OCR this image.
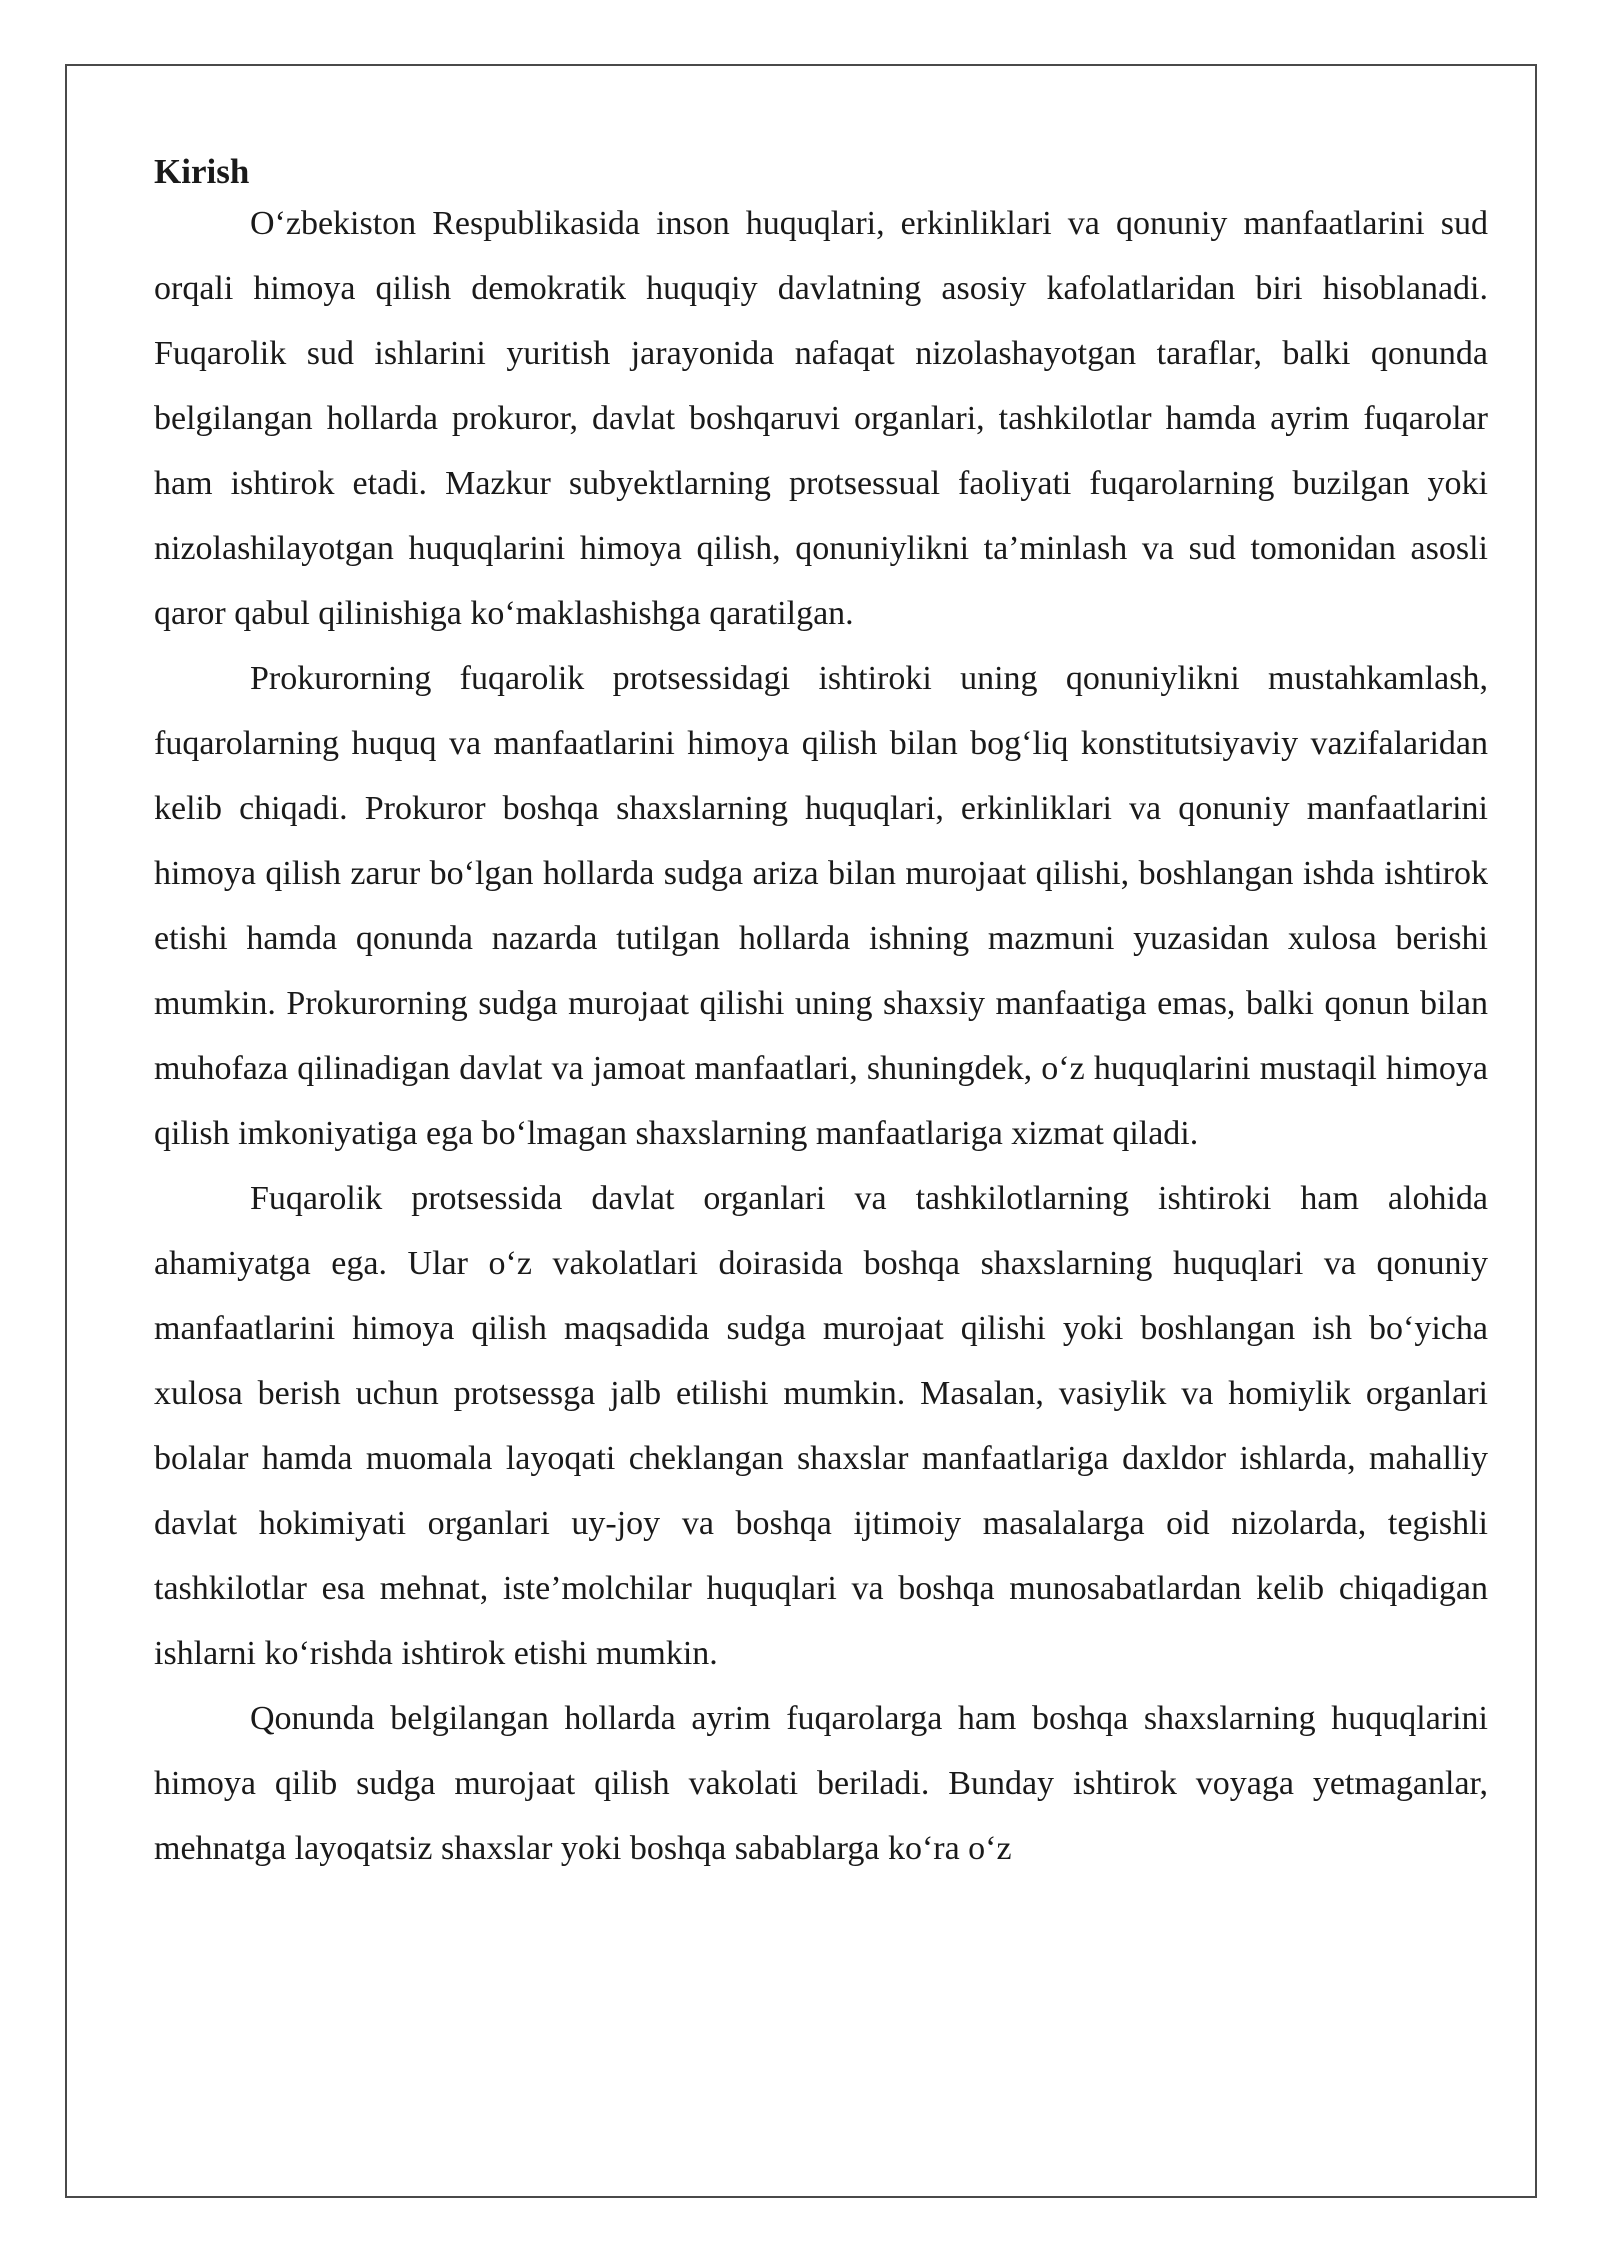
Kirish

O‘zbekiston Respublikasida inson huquqlari, erkinliklari va qonuniy manfaatlarini sud orqali himoya qilish demokratik huquqiy davlatning asosiy kafolatlaridan biri hisoblanadi. Fuqarolik sud ishlarini yuritish jarayonida nafaqat nizolashayotgan taraflar, balki qonunda belgilangan hollarda prokuror, davlat boshqaruvi organlari, tashkilotlar hamda ayrim fuqarolar ham ishtirok etadi. Mazkur subyektlarning protsessual faoliyati fuqarolarning buzilgan yoki nizolashilayotgan huquqlarini himoya qilish, qonuniylikni ta’minlash va sud tomonidan asosli qaror qabul qilinishiga ko‘maklashishga qaratilgan.

Prokurorning fuqarolik protsessidagi ishtiroki uning qonuniylikni mustahkamlash, fuqarolarning huquq va manfaatlarini himoya qilish bilan bog‘liq konstitutsiyaviy vazifalaridan kelib chiqadi. Prokuror boshqa shaxslarning huquqlari, erkinliklari va qonuniy manfaatlarini himoya qilish zarur bo‘lgan hollarda sudga ariza bilan murojaat qilishi, boshlangan ishda ishtirok etishi hamda qonunda nazarda tutilgan hollarda ishning mazmuni yuzasidan xulosa berishi mumkin. Prokurorning sudga murojaat qilishi uning shaxsiy manfaatiga emas, balki qonun bilan muhofaza qilinadigan davlat va jamoat manfaatlari, shuningdek, o‘z huquqlarini mustaqil himoya qilish imkoniyatiga ega bo‘lmagan shaxslarning manfaatlariga xizmat qiladi.

Fuqarolik protsessida davlat organlari va tashkilotlarning ishtiroki ham alohida ahamiyatga ega. Ular o‘z vakolatlari doirasida boshqa shaxslarning huquqlari va qonuniy manfaatlarini himoya qilish maqsadida sudga murojaat qilishi yoki boshlangan ish bo‘yicha xulosa berish uchun protsessga jalb etilishi mumkin. Masalan, vasiylik va homiylik organlari bolalar hamda muomala layoqati cheklangan shaxslar manfaatlariga daxldor ishlarda, mahalliy davlat hokimiyati organlari uy-joy va boshqa ijtimoiy masalalarga oid nizolarda, tegishli tashkilotlar esa mehnat, iste’molchilar huquqlari va boshqa munosabatlardan kelib chiqadigan ishlarni ko‘rishda ishtirok etishi mumkin.

Qonunda belgilangan hollarda ayrim fuqarolarga ham boshqa shaxslarning huquqlarini himoya qilib sudga murojaat qilish vakolati beriladi. Bunday ishtirok voyaga yetmaganlar, mehnatga layoqatsiz shaxslar yoki boshqa sabablarga ko‘ra o‘z
